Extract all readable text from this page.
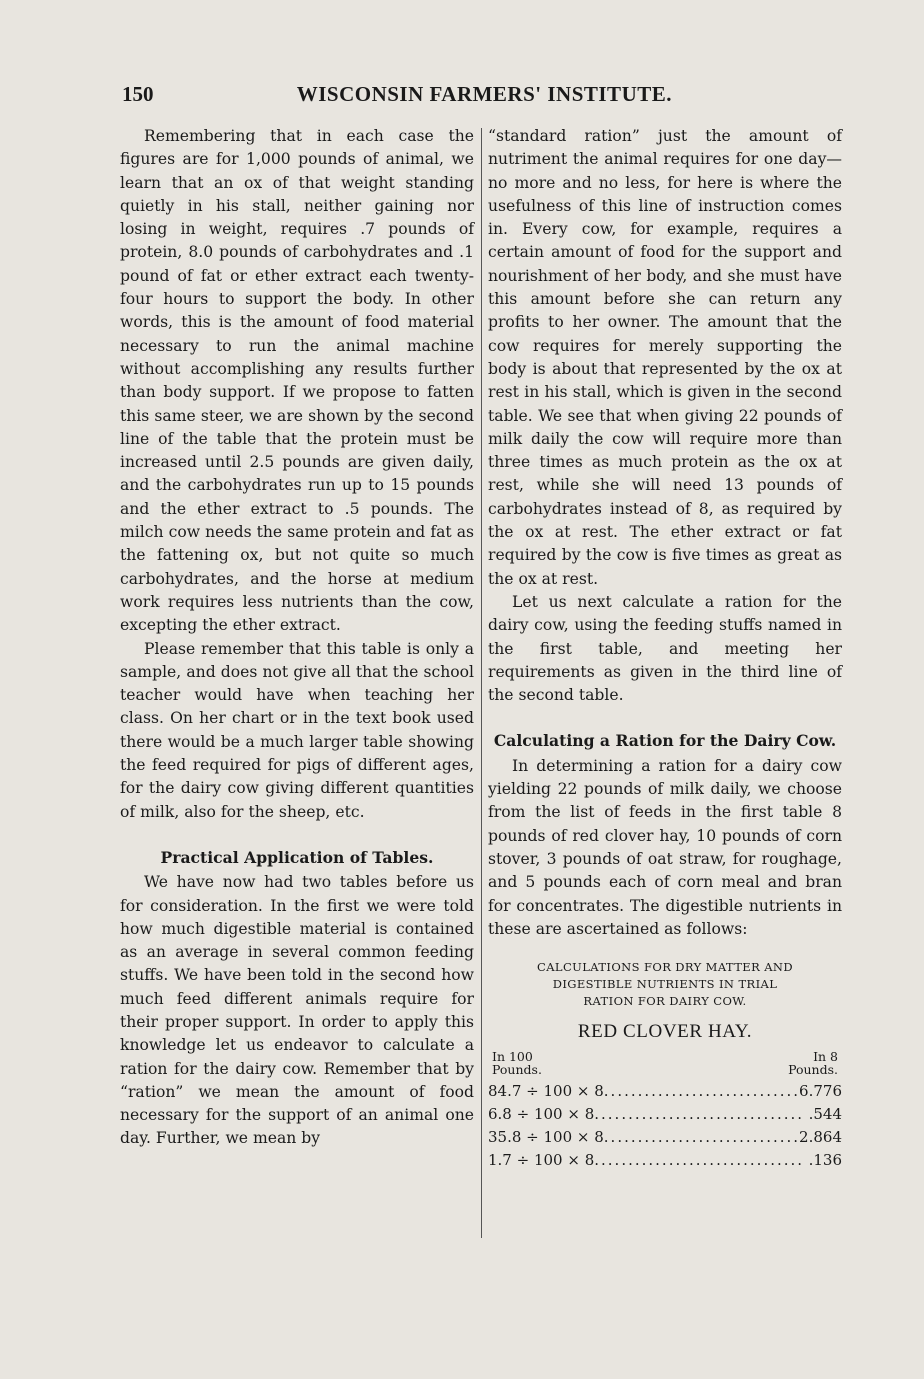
150	WISCONSIN FARMERS' INSTITUTE.

Remembering that in each case the figures are for 1,000 pounds of animal, we learn that an ox of that weight standing quietly in his stall, neither gaining nor losing in weight, requires .7 pounds of protein, 8.0 pounds of carbohydrates and .1 pound of fat or ether extract each twenty-four hours to support the body. In other words, this is the amount of food material necessary to run the animal machine without accomplishing any results further than body support. If we propose to fatten this same steer, we are shown by the second line of the table that the protein must be increased until 2.5 pounds are given daily, and the carbohydrates run up to 15 pounds and the ether extract to .5 pounds. The milch cow needs the same protein and fat as the fattening ox, but not quite so much carbohydrates, and the horse at medium work requires less nutrients than the cow, excepting the ether extract.

Please remember that this table is only a sample, and does not give all that the school teacher would have when teaching her class. On her chart or in the text book used there would be a much larger table showing the feed required for pigs of different ages, for the dairy cow giving different quantities of milk, also for the sheep, etc.

Practical Application of Tables.

We have now had two tables before us for consideration. In the first we were told how much digestible material is contained as an average in several common feeding stuffs. We have been told in the second how much feed different animals require for their proper support. In order to apply this knowledge let us endeavor to calculate a ration for the dairy cow. Remember that by “ration” we mean the amount of food necessary for the support of an animal one day. Further, we mean by

“standard ration” just the amount of nutriment the animal requires for one day—no more and no less, for here is where the usefulness of this line of instruction comes in. Every cow, for example, requires a certain amount of food for the support and nourishment of her body, and she must have this amount before she can return any profits to her owner. The amount that the cow requires for merely supporting the body is about that represented by the ox at rest in his stall, which is given in the second table. We see that when giving 22 pounds of milk daily the cow will require more than three times as much protein as the ox at rest, while she will need 13 pounds of carbohydrates instead of 8, as required by the ox at rest. The ether extract or fat required by the cow is five times as great as the ox at rest.

Let us next calculate a ration for the dairy cow, using the feeding stuffs named in the first table, and meeting her requirements as given in the third line of the second table.

Calculating a Ration for the Dairy Cow.

In determining a ration for a dairy cow yielding 22 pounds of milk daily, we choose from the list of feeds in the first table 8 pounds of red clover hay, 10 pounds of corn stover, 3 pounds of oat straw, for roughage, and 5 pounds each of corn meal and bran for concentrates. The digestible nutrients in these are ascertained as follows:

CALCULATIONS FOR DRY MATTER AND
DIGESTIBLE NUTRIENTS IN TRIAL
RATION FOR DAIRY COW.
RED CLOVER HAY.
In 100
Pounds.
In 8
Pounds.
84.7 ÷ 100 × 8 .....	6.776
6.8 ÷ 100 × 8 .....	.544
35.8 ÷ 100 × 8 .....	2.864
1.7 ÷ 100 × 8 .....	.136
